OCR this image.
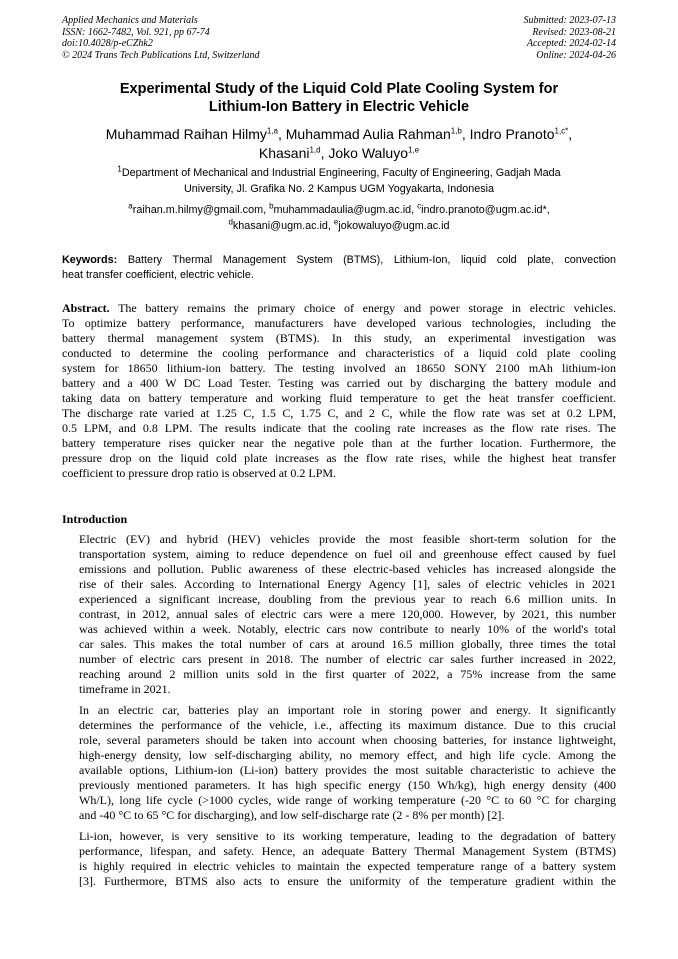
Applied Mechanics and Materials
ISSN: 1662-7482, Vol. 921, pp 67-74
doi:10.4028/p-eCZhk2
© 2024 Trans Tech Publications Ltd, Switzerland
Submitted: 2023-07-13
Revised: 2023-08-21
Accepted: 2024-02-14
Online: 2024-04-26
Experimental Study of the Liquid Cold Plate Cooling System for
Lithium-Ion Battery in Electric Vehicle
Muhammad Raihan Hilmy$^{1,a}$, Muhammad Aulia Rahman$^{1,b}$, Indro Pranoto$^{1,c*}$,
Khasani$^{1,d}$, Joko Waluyo$^{1,e}$
$^1$Department of Mechanical and Industrial Engineering, Faculty of Engineering, Gadjah Mada
University, Jl. Grafika No. 2 Kampus UGM Yogyakarta, Indonesia
$^a$raihan.m.hilmy@gmail.com, $^b$muhammadaulia@ugm.ac.id, $^c$indro.pranoto@ugm.ac.id*,
$^d$khasani@ugm.ac.id, $^e$jokowaluyo@ugm.ac.id
Keywords: Battery Thermal Management System (BTMS), Lithium-Ion, liquid cold plate, convection
heat transfer coefficient, electric vehicle.
Abstract. The battery remains the primary choice of energy and power storage in electric vehicles.
To optimize battery performance, manufacturers have developed various technologies, including the
battery thermal management system (BTMS). In this study, an experimental investigation was
conducted to determine the cooling performance and characteristics of a liquid cold plate cooling
system for 18650 lithium-ion battery. The testing involved an 18650 SONY 2100 mAh lithium-ion
battery and a 400 W DC Load Tester. Testing was carried out by discharging the battery module and
taking data on battery temperature and working fluid temperature to get the heat transfer coefficient.
The discharge rate varied at 1.25 C, 1.5 C, 1.75 C, and 2 C, while the flow rate was set at 0.2 LPM,
0.5 LPM, and 0.8 LPM. The results indicate that the cooling rate increases as the flow rate rises. The
battery temperature rises quicker near the negative pole than at the further location. Furthermore, the
pressure drop on the liquid cold plate increases as the flow rate rises, while the highest heat transfer
coefficient to pressure drop ratio is observed at 0.2 LPM.
Introduction

Electric (EV) and hybrid (HEV) vehicles provide the most feasible short-term solution for the
transportation system, aiming to reduce dependence on fuel oil and greenhouse effect caused by fuel
emissions and pollution. Public awareness of these electric-based vehicles has increased alongside the
rise of their sales. According to International Energy Agency [1], sales of electric vehicles in 2021
experienced a significant increase, doubling from the previous year to reach 6.6 million units. In
contrast, in 2012, annual sales of electric cars were a mere 120,000. However, by 2021, this number
was achieved within a week. Notably, electric cars now contribute to nearly 10% of the world's total
car sales. This makes the total number of cars at around 16.5 million globally, three times the total
number of electric cars present in 2018. The number of electric car sales further increased in 2022,
reaching around 2 million units sold in the first quarter of 2022, a 75% increase from the same
timeframe in 2021.

In an electric car, batteries play an important role in storing power and energy. It significantly
determines the performance of the vehicle, i.e., affecting its maximum distance. Due to this crucial
role, several parameters should be taken into account when choosing batteries, for instance lightweight,
high-energy density, low self-discharging ability, no memory effect, and high life cycle. Among the
available options, Lithium-ion (Li-ion) battery provides the most suitable characteristic to achieve the
previously mentioned parameters. It has high specific energy (150 Wh/kg), high energy density (400
Wh/L), long life cycle (>1000 cycles, wide range of working temperature (-20 °C to 60 °C for charging
and -40 °C to 65 °C for discharging), and low self-discharge rate (2 - 8% per month) [2].

Li-ion, however, is very sensitive to its working temperature, leading to the degradation of battery
performance, lifespan, and safety. Hence, an adequate Battery Thermal Management System (BTMS)
is highly required in electric vehicles to maintain the expected temperature range of a battery system
[3]. Furthermore, BTMS also acts to ensure the uniformity of the temperature gradient within the
